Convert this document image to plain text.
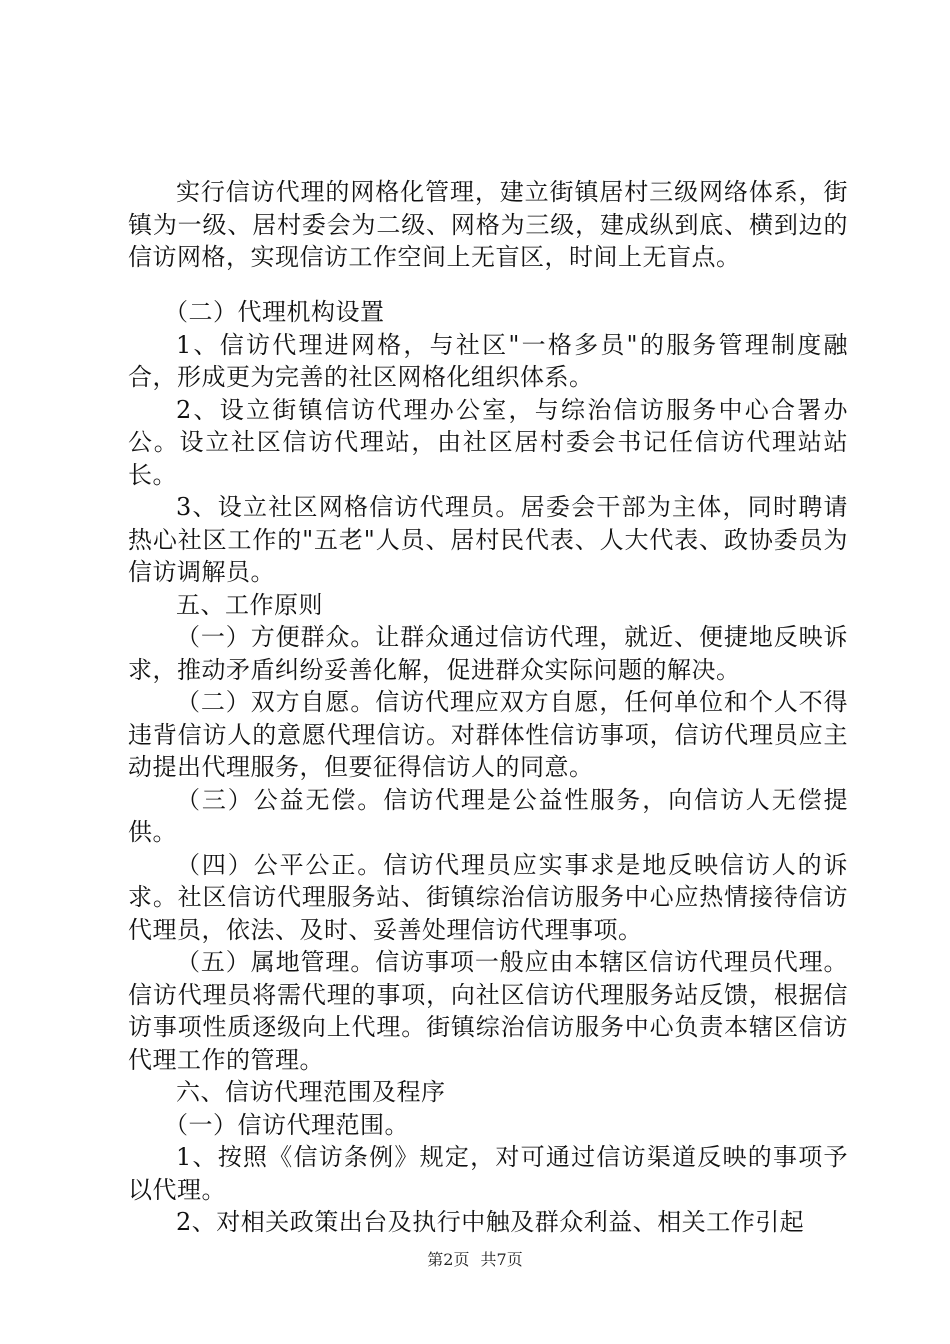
实行信访代理的网格化管理，建立街镇居村三级网络体系，街镇为一级、居村委会为二级、网格为三级，建成纵到底、横到边的信访网格，实现信访工作空间上无盲区，时间上无盲点。

（二）代理机构设置

1、信访代理进网格，与社区"一格多员"的服务管理制度融合，形成更为完善的社区网格化组织体系。

2、设立街镇信访代理办公室，与综治信访服务中心合署办公。设立社区信访代理站，由社区居村委会书记任信访代理站站长。

3、设立社区网格信访代理员。居委会干部为主体，同时聘请热心社区工作的"五老"人员、居村民代表、人大代表、政协委员为信访调解员。

五、工作原则

（一）方便群众。让群众通过信访代理，就近、便捷地反映诉求，推动矛盾纠纷妥善化解，促进群众实际问题的解决。

（二）双方自愿。信访代理应双方自愿，任何单位和个人不得违背信访人的意愿代理信访。对群体性信访事项，信访代理员应主动提出代理服务，但要征得信访人的同意。

（三）公益无偿。信访代理是公益性服务，向信访人无偿提供。

（四）公平公正。信访代理员应实事求是地反映信访人的诉求。社区信访代理服务站、街镇综治信访服务中心应热情接待信访代理员，依法、及时、妥善处理信访代理事项。

（五）属地管理。信访事项一般应由本辖区信访代理员代理。信访代理员将需代理的事项，向社区信访代理服务站反馈，根据信访事项性质逐级向上代理。街镇综治信访服务中心负责本辖区信访代理工作的管理。

六、信访代理范围及程序

（一）信访代理范围。

1、按照《信访条例》规定，对可通过信访渠道反映的事项予以代理。

2、对相关政策出台及执行中触及群众利益、相关工作引起

第2页 共7页
